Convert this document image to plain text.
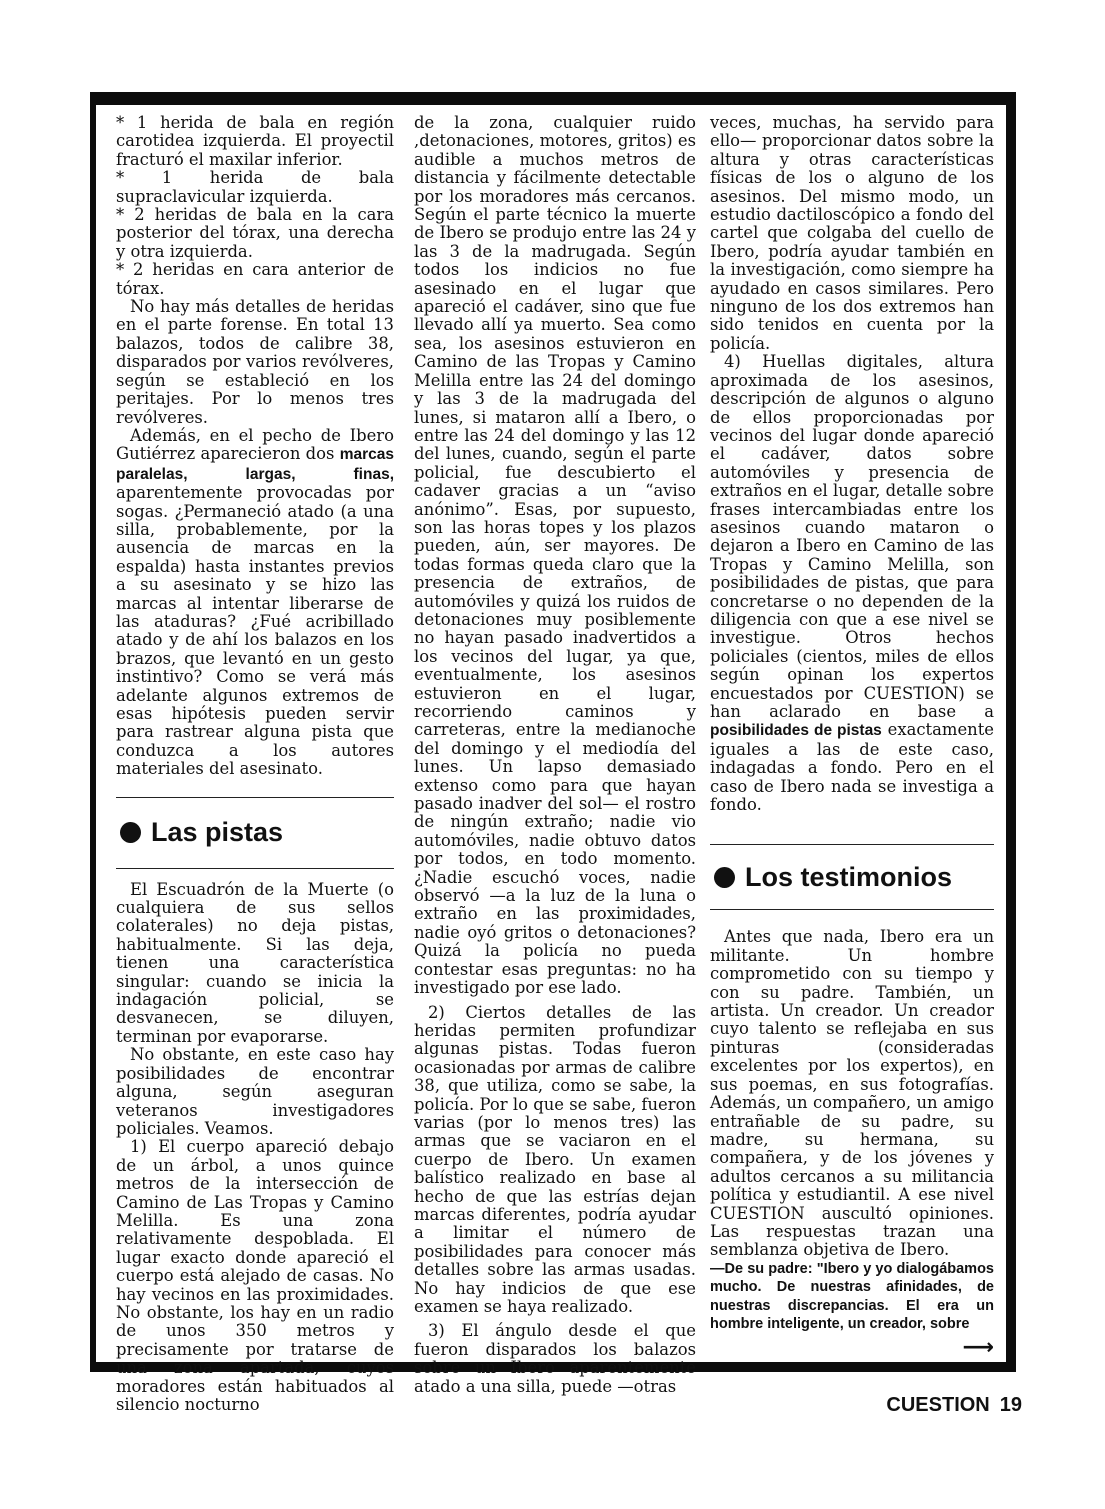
* 1 herida de bala en región carotidea izquierda. El proyectil fracturó el maxilar inferior.

* 1 herida de bala supraclavicular izquierda.

* 2 heridas de bala en la cara posterior del tórax, una derecha y otra izquierda.

* 2 heridas en cara anterior de tórax.

No hay más detalles de heridas en el parte forense. En total 13 balazos, todos de calibre 38, disparados por varios revólveres, según se estableció en los peritajes. Por lo menos tres revólveres.

Además, en el pecho de Ibero Gutiérrez aparecieron dos marcas paralelas, largas, finas, aparentemente provocadas por sogas. ¿Permaneció atado (a una silla, probablemente, por la ausencia de marcas en la espalda) hasta instantes previos a su asesinato y se hizo las marcas al intentar liberarse de las ataduras? ¿Fué acribillado atado y de ahí los balazos en los brazos, que levantó en un gesto instintivo? Como se verá más adelante algunos extremos de esas hipótesis pueden servir para rastrear alguna pista que conduzca a los autores materiales del asesinato.

Las pistas

El Escuadrón de la Muerte (o cualquiera de sus sellos colaterales) no deja pistas, habitualmente. Si las deja, tienen una característica singular: cuando se inicia la indagación policial, se desvanecen, se diluyen, terminan por evaporarse.

No obstante, en este caso hay posibilidades de encontrar alguna, según aseguran veteranos investigadores policiales. Veamos.

1) El cuerpo apareció debajo de un árbol, a unos quince metros de la intersección de Camino de Las Tropas y Camino Melilla. Es una zona relativamente despoblada. El lugar exacto donde apareció el cuerpo está alejado de casas. No hay vecinos en las proximidades. No obstante, los hay en un radio de unos 350 metros y precisamente por tratarse de una zona apartada, cuyos moradores están habituados al silencio nocturno

de la zona, cualquier ruido ,detonaciones, motores, gritos) es audible a muchos metros de distancia y fácilmente detectable por los moradores más cercanos. Según el parte técnico la muerte de Ibero se produjo entre las 24 y las 3 de la madrugada. Según todos los indicios no fue asesinado en el lugar que apareció el cadáver, sino que fue llevado allí ya muerto. Sea como sea, los asesinos estuvieron en Camino de las Tropas y Camino Melilla entre las 24 del domingo y las 3 de la madrugada del lunes, si mataron allí a Ibero, o entre las 24 del domingo y las 12 del lunes, cuando, según el parte policial, fue descubierto el cadaver gracias a un “aviso anónimo”. Esas, por supuesto, son las horas topes y los plazos pueden, aún, ser mayores. De todas formas queda claro que la presencia de extraños, de automóviles y quizá los ruidos de detonaciones muy posiblemente no hayan pasado inadvertidos a los vecinos del lugar, ya que, eventualmente, los asesinos estuvieron en el lugar, recorriendo caminos y carreteras, entre la medianoche del domingo y el mediodía del lunes. Un lapso demasiado extenso como para que hayan pasado inadver del sol— el rostro de ningún extraño; nadie vio automóviles, nadie obtuvo datos por todos, en todo momento. ¿Nadie escuchó voces, nadie observó —a la luz de la luna o extraño en las proximidades, nadie oyó gritos o detonaciones? Quizá la policía no pueda contestar esas preguntas: no ha investigado por ese lado.

2) Ciertos detalles de las heridas permiten profundizar algunas pistas. Todas fueron ocasionadas por armas de calibre 38, que utiliza, como se sabe, la policía. Por lo que se sabe, fueron varias (por lo menos tres) las armas que se vaciaron en el cuerpo de Ibero. Un examen balístico realizado en base al hecho de que las estrías dejan marcas diferentes, podría ayudar a limitar el número de posibilidades para conocer más detalles sobre las armas usadas. No hay indicios de que ese examen se haya realizado.

3) El ángulo desde el que fueron disparados los balazos sobre un Ibero aparentemente atado a una silla, puede —otras

veces, muchas, ha servido para ello— proporcionar datos sobre la altura y otras características físicas de los o alguno de los asesinos. Del mismo modo, un estudio dactiloscópico a fondo del cartel que colgaba del cuello de Ibero, podría ayudar también en la investigación, como siempre ha ayudado en casos similares. Pero ninguno de los dos extremos han sido tenidos en cuenta por la policía.

4) Huellas digitales, altura aproximada de los asesinos, descripción de algunos o alguno de ellos proporcionadas por vecinos del lugar donde apareció el cadáver, datos sobre automóviles y presencia de extraños en el lugar, detalle sobre frases intercambiadas entre los asesinos cuando mataron o dejaron a Ibero en Camino de las Tropas y Camino Melilla, son posibilidades de pistas, que para concretarse o no dependen de la diligencia con que a ese nivel se investigue. Otros hechos policiales (cientos, miles de ellos según opinan los expertos encuestados por CUESTION) se han aclarado en base a posibilidades de pistas exactamente iguales a las de este caso, indagadas a fondo. Pero en el caso de Ibero nada se investiga a fondo.

Los testimonios

Antes que nada, Ibero era un militante. Un hombre comprometido con su tiempo y con su padre. También, un artista. Un creador. Un creador cuyo talento se reflejaba en sus pinturas (consideradas excelentes por los expertos), en sus poemas, en sus fotografías. Además, un compañero, un amigo entrañable de su padre, su madre, su hermana, su compañera, y de los jóvenes y adultos cercanos a su militancia política y estudiantil. A ese nivel CUESTION auscultó opiniones. Las respuestas trazan una semblanza objetiva de Ibero.

—De su padre: "Ibero y yo dialogábamos mucho. De nuestras afinidades, de nuestras discrepancias. El era un hombre inteligente, un creador, sobre

⟶
CUESTION 19
